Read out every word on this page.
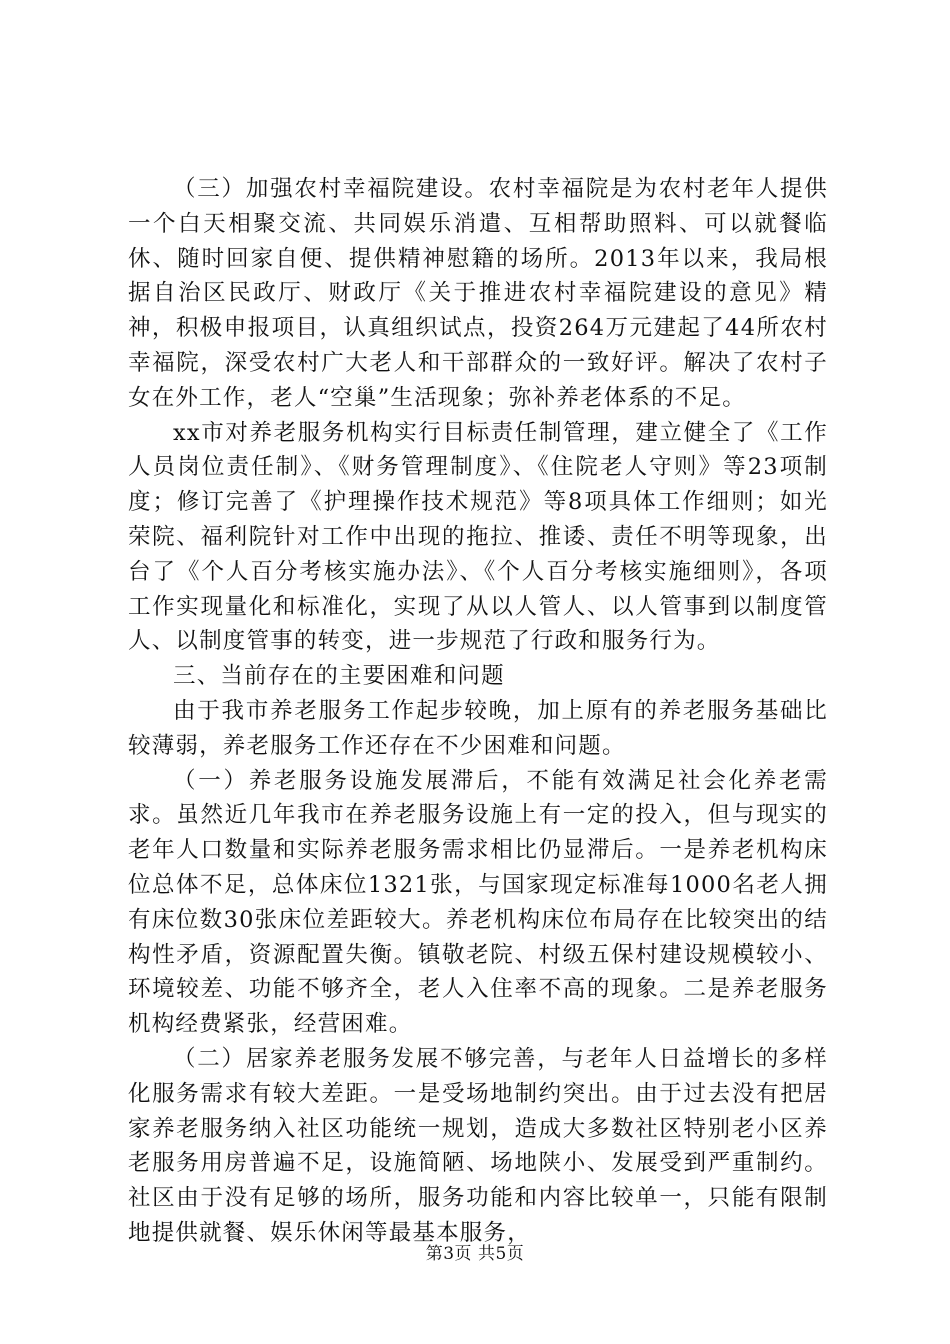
（三）加强农村幸福院建设。农村幸福院是为农村老年人提供一个白天相聚交流、共同娱乐消遣、互相帮助照料、可以就餐临休、随时回家自便、提供精神慰籍的场所。2013年以来，我局根据自治区民政厅、财政厅《关于推进农村幸福院建设的意见》精神，积极申报项目，认真组织试点，投资264万元建起了44所农村幸福院，深受农村广大老人和干部群众的一致好评。解决了农村子女在外工作，老人“空巢”生活现象；弥补养老体系的不足。

xx市对养老服务机构实行目标责任制管理，建立健全了《工作人员岗位责任制》、《财务管理制度》、《住院老人守则》等23项制度；修订完善了《护理操作技术规范》等8项具体工作细则；如光荣院、福利院针对工作中出现的拖拉、推诿、责任不明等现象，出台了《个人百分考核实施办法》、《个人百分考核实施细则》，各项工作实现量化和标准化，实现了从以人管人、以人管事到以制度管人、以制度管事的转变，进一步规范了行政和服务行为。

三、当前存在的主要困难和问题

由于我市养老服务工作起步较晚，加上原有的养老服务基础比较薄弱，养老服务工作还存在不少困难和问题。

（一）养老服务设施发展滞后，不能有效满足社会化养老需求。虽然近几年我市在养老服务设施上有一定的投入，但与现实的老年人口数量和实际养老服务需求相比仍显滞后。一是养老机构床位总体不足，总体床位1321张，与国家现定标准每1000名老人拥有床位数30张床位差距较大。养老机构床位布局存在比较突出的结构性矛盾，资源配置失衡。镇敬老院、村级五保村建设规模较小、环境较差、功能不够齐全，老人入住率不高的现象。二是养老服务机构经费紧张，经营困难。

（二）居家养老服务发展不够完善，与老年人日益增长的多样化服务需求有较大差距。一是受场地制约突出。由于过去没有把居家养老服务纳入社区功能统一规划，造成大多数社区特别老小区养老服务用房普遍不足，设施简陋、场地陕小、发展受到严重制约。社区由于没有足够的场所，服务功能和内容比较单一，只能有限制地提供就餐、娱乐休闲等最基本服务，

第3页 共5页
